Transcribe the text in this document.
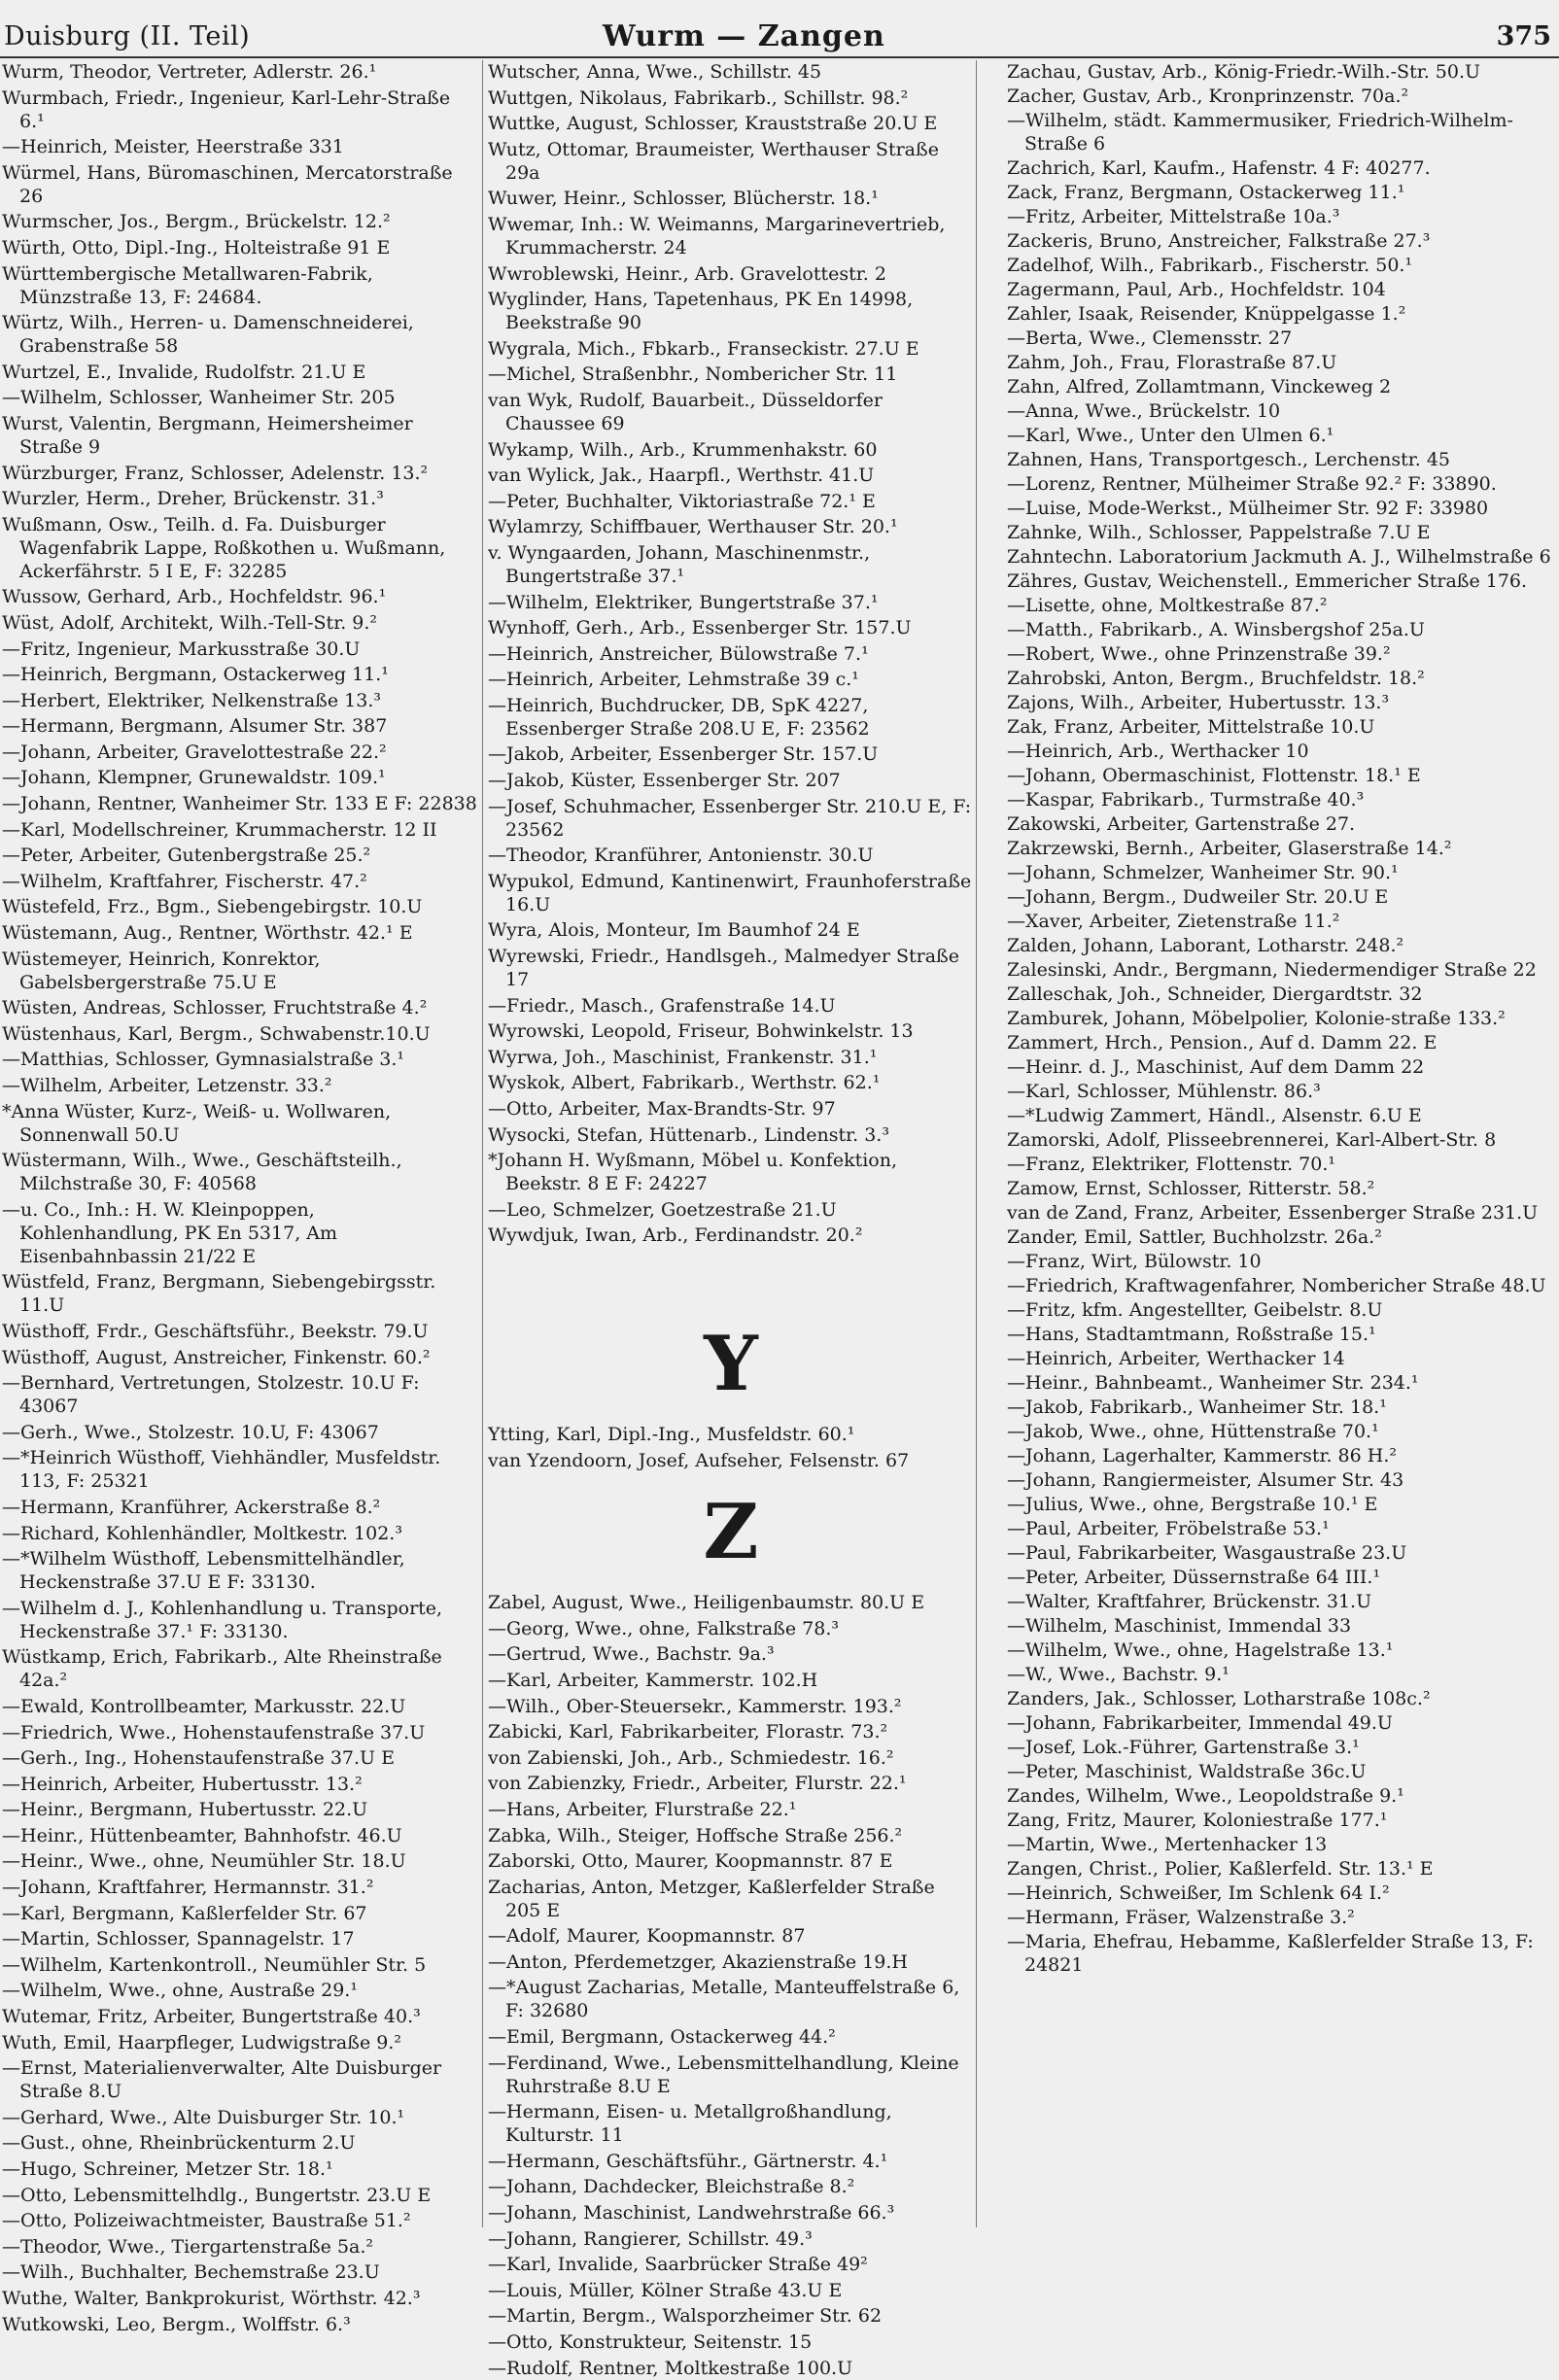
Duisburg (II. Teil)	Wurm — Zangen	375
Wurm, Theodor, Vertreter, Adlerstr. 26.¹
Wurmbach, Friedr., Ingenieur, Karl-Lehr-Straße 6.¹
—Heinrich, Meister, Heerstraße 331
Würmel, Hans, Büromaschinen, Mercatorstraße 26
Wurmscher, Jos., Bergm., Brückelstr. 12.²
Würth, Otto, Dipl.-Ing., Holteistraße 91 E
Württembergische Metallwaren-Fabrik, Münzstraße 13, F: 24684.
Würtz, Wilh., Herren- u. Damenschneiderei, Grabenstraße 58
Wurtzel, E., Invalide, Rudolfstr. 21.U E
—Wilhelm, Schlosser, Wanheimer Str. 205
Wurst, Valentin, Bergmann, Heimersheimer Straße 9
Würzburger, Franz, Schlosser, Adelenstr. 13.²
Wurzler, Herm., Dreher, Brückenstr. 31.³
Wußmann, Osw., Teilh. d. Fa. Duisburger Wagenfabrik Lappe, Roßkothen u. Wußmann, Ackerfährstr. 5 I E, F: 32285
Wussow, Gerhard, Arb., Hochfeldstr. 96.¹
Wüst, Adolf, Architekt, Wilh.-Tell-Str. 9.²
—Fritz, Ingenieur, Markusstraße 30.U
—Heinrich, Bergmann, Ostackerweg 11.¹
—Herbert, Elektriker, Nelkenstraße 13.³
—Hermann, Bergmann, Alsumer Str. 387
—Johann, Arbeiter, Gravelottestraße 22.²
—Johann, Klempner, Grunewaldstr. 109.¹
—Johann, Rentner, Wanheimer Str. 133 E F: 22838
—Karl, Modellschreiner, Krummacherstr. 12 II
—Peter, Arbeiter, Gutenbergstraße 25.²
—Wilhelm, Kraftfahrer, Fischerstr. 47.²
Wüstefeld, Frz., Bgm., Siebengebirgstr. 10.U
Wüstemann, Aug., Rentner, Wörthstr. 42.¹ E
Wüstemeyer, Heinrich, Konrektor, Gabelsbergerstraße 75.U E
Wüsten, Andreas, Schlosser, Fruchtstraße 4.²
Wüstenhaus, Karl, Bergm., Schwabenstr.10.U
—Matthias, Schlosser, Gymnasialstraße 3.¹
—Wilhelm, Arbeiter, Letzenstr. 33.²
*Anna Wüster, Kurz-, Weiß- u. Wollwaren, Sonnenwall 50.U
Wüstermann, Wilh., Wwe., Geschäftsteilh., Milchstraße 30, F: 40568
—u. Co., Inh.: H. W. Kleinpoppen, Kohlenhandlung, PK En 5317, Am Eisenbahnbassin 21/22 E
Wüstfeld, Franz, Bergmann, Siebengebirgsstr. 11.U
Wüsthoff, Frdr., Geschäftsführ., Beekstr. 79.U
Wüsthoff, August, Anstreicher, Finkenstr. 60.²
—Bernhard, Vertretungen, Stolzestr. 10.U F: 43067
—Gerh., Wwe., Stolzestr. 10.U, F: 43067
—*Heinrich Wüsthoff, Viehhändler, Musfeldstr. 113, F: 25321
—Hermann, Kranführer, Ackerstraße 8.²
—Richard, Kohlenhändler, Moltkestr. 102.³
—*Wilhelm Wüsthoff, Lebensmittelhändler, Heckenstraße 37.U E F: 33130.
—Wilhelm d. J., Kohlenhandlung u. Transporte, Heckenstraße 37.¹ F: 33130.
Wüstkamp, Erich, Fabrikarb., Alte Rheinstraße 42a.²
—Ewald, Kontrollbeamter, Markusstr. 22.U
—Friedrich, Wwe., Hohenstaufenstraße 37.U
—Gerh., Ing., Hohenstaufenstraße 37.U E
—Heinrich, Arbeiter, Hubertusstr. 13.²
—Heinr., Bergmann, Hubertusstr. 22.U
—Heinr., Hüttenbeamter, Bahnhofstr. 46.U
—Heinr., Wwe., ohne, Neumühler Str. 18.U
—Johann, Kraftfahrer, Hermannstr. 31.²
—Karl, Bergmann, Kaßlerfelder Str. 67
—Martin, Schlosser, Spannagelstr. 17
—Wilhelm, Kartenkontroll., Neumühler Str. 5
—Wilhelm, Wwe., ohne, Austraße 29.¹
Wutemar, Fritz, Arbeiter, Bungertstraße 40.³
Wuth, Emil, Haarpfleger, Ludwigstraße 9.²
—Ernst, Materialienverwalter, Alte Duisburger Straße 8.U
—Gerhard, Wwe., Alte Duisburger Str. 10.¹
—Gust., ohne, Rheinbrückenturm 2.U
—Hugo, Schreiner, Metzer Str. 18.¹
—Otto, Lebensmittelhdlg., Bungertstr. 23.U E
—Otto, Polizeiwachtmeister, Baustraße 51.²
—Theodor, Wwe., Tiergartenstraße 5a.²
—Wilh., Buchhalter, Bechemstraße 23.U
Wuthe, Walter, Bankprokurist, Wörthstr. 42.³
Wutkowski, Leo, Bergm., Wolffstr. 6.³
Wutscher, Anna, Wwe., Schillstr. 45
Wuttgen, Nikolaus, Fabrikarb., Schillstr. 98.²
Wuttke, August, Schlosser, Krauststraße 20.U E
Wutz, Ottomar, Braumeister, Werthauser Straße 29a
Wuwer, Heinr., Schlosser, Blücherstr. 18.¹
Wwemar, Inh.: W. Weimanns, Margarinevertrieb, Krummacherstr. 24
Wwroblewski, Heinr., Arb. Gravelottestr. 2
Wyglinder, Hans, Tapetenhaus, PK En 14998, Beekstraße 90
Wygrala, Mich., Fbkarb., Franseckistr. 27.U E
—Michel, Straßenbhr., Nombericher Str. 11
van Wyk, Rudolf, Bauarbeit., Düsseldorfer Chaussee 69
Wykamp, Wilh., Arb., Krummenhakstr. 60
van Wylick, Jak., Haarpfl., Werthstr. 41.U
—Peter, Buchhalter, Viktoriastraße 72.¹ E
Wylamrzy, Schiffbauer, Werthauser Str. 20.¹
v. Wyngaarden, Johann, Maschinenmstr., Bungertstraße 37.¹
—Wilhelm, Elektriker, Bungertstraße 37.¹
Wynhoff, Gerh., Arb., Essenberger Str. 157.U
—Heinrich, Anstreicher, Bülowstraße 7.¹
—Heinrich, Arbeiter, Lehmstraße 39 c.¹
—Heinrich, Buchdrucker, DB, SpK 4227, Essenberger Straße 208.U E, F: 23562
—Jakob, Arbeiter, Essenberger Str. 157.U
—Jakob, Küster, Essenberger Str. 207
—Josef, Schuhmacher, Essenberger Str. 210.U E, F: 23562
—Theodor, Kranführer, Antonienstr. 30.U
Wypukol, Edmund, Kantinenwirt, Fraunhoferstraße 16.U
Wyra, Alois, Monteur, Im Baumhof 24 E
Wyrewski, Friedr., Handlsgeh., Malmedyer Straße 17
—Friedr., Masch., Grafenstraße 14.U
Wyrowski, Leopold, Friseur, Bohwinkelstr. 13
Wyrwa, Joh., Maschinist, Frankenstr. 31.¹
Wyskok, Albert, Fabrikarb., Werthstr. 62.¹
—Otto, Arbeiter, Max-Brandts-Str. 97
Wysocki, Stefan, Hüttenarb., Lindenstr. 3.³
*Johann H. Wyßmann, Möbel u. Konfektion, Beekstr. 8 E F: 24227
—Leo, Schmelzer, Goetzestraße 21.U
Wywdjuk, Iwan, Arb., Ferdinandstr. 20.²
Y
Ytting, Karl, Dipl.-Ing., Musfeldstr. 60.¹
van Yzendoorn, Josef, Aufseher, Felsenstr. 67
Z
Zabel, August, Wwe., Heiligenbaumstr. 80.U E
—Georg, Wwe., ohne, Falkstraße 78.³
—Gertrud, Wwe., Bachstr. 9a.³
—Karl, Arbeiter, Kammerstr. 102.H
—Wilh., Ober-Steuersekr., Kammerstr. 193.²
Zabicki, Karl, Fabrikarbeiter, Florastr. 73.²
von Zabienski, Joh., Arb., Schmiedestr. 16.²
von Zabienzky, Friedr., Arbeiter, Flurstr. 22.¹
—Hans, Arbeiter, Flurstraße 22.¹
Zabka, Wilh., Steiger, Hoffsche Straße 256.²
Zaborski, Otto, Maurer, Koopmannstr. 87 E
Zacharias, Anton, Metzger, Kaßlerfelder Straße 205 E
—Adolf, Maurer, Koopmannstr. 87
—Anton, Pferdemetzger, Akazienstraße 19.H
—*August Zacharias, Metalle, Manteuffelstraße 6, F: 32680
—Emil, Bergmann, Ostackerweg 44.²
—Ferdinand, Wwe., Lebensmittelhandlung, Kleine Ruhrstraße 8.U E
—Hermann, Eisen- u. Metallgroßhandlung, Kulturstr. 11
—Hermann, Geschäftsführ., Gärtnerstr. 4.¹
—Johann, Dachdecker, Bleichstraße 8.²
—Johann, Maschinist, Landwehrstraße 66.³
—Johann, Rangierer, Schillstr. 49.³
—Karl, Invalide, Saarbrücker Straße 49²
—Louis, Müller, Kölner Straße 43.U E
—Martin, Bergm., Walsporzheimer Str. 62
—Otto, Konstrukteur, Seitenstr. 15
—Rudolf, Rentner, Moltkestraße 100.U
Zachau, Gustav, Arb., König-Friedr.-Wilh.-Str. 50.U
Zacher, Gustav, Arb., Kronprinzenstr. 70a.²
—Wilhelm, städt. Kammermusiker, Friedrich-Wilhelm-Straße 6
Zachrich, Karl, Kaufm., Hafenstr. 4 F: 40277.
Zack, Franz, Bergmann, Ostackerweg 11.¹
—Fritz, Arbeiter, Mittelstraße 10a.³
Zackeris, Bruno, Anstreicher, Falkstraße 27.³
Zadelhof, Wilh., Fabrikarb., Fischerstr. 50.¹
Zagermann, Paul, Arb., Hochfeldstr. 104
Zahler, Isaak, Reisender, Knüppelgasse 1.²
—Berta, Wwe., Clemensstr. 27
Zahm, Joh., Frau, Florastraße 87.U
Zahn, Alfred, Zollamtmann, Vinckeweg 2
—Anna, Wwe., Brückelstr. 10
—Karl, Wwe., Unter den Ulmen 6.¹
Zahnen, Hans, Transportgesch., Lerchenstr. 45
—Lorenz, Rentner, Mülheimer Straße 92.² F: 33890.
—Luise, Mode-Werkst., Mülheimer Str. 92 F: 33980
Zahnke, Wilh., Schlosser, Pappelstraße 7.U E
Zahntechn. Laboratorium Jackmuth A. J., Wilhelmstraße 6
Zähres, Gustav, Weichenstell., Emmericher Straße 176.
—Lisette, ohne, Moltkestraße 87.²
—Matth., Fabrikarb., A. Winsbergshof 25a.U
—Robert, Wwe., ohne Prinzenstraße 39.²
Zahrobski, Anton, Bergm., Bruchfeldstr. 18.²
Zajons, Wilh., Arbeiter, Hubertusstr. 13.³
Zak, Franz, Arbeiter, Mittelstraße 10.U
—Heinrich, Arb., Werthacker 10
—Johann, Obermaschinist, Flottenstr. 18.¹ E
—Kaspar, Fabrikarb., Turmstraße 40.³
Zakowski, Arbeiter, Gartenstraße 27.
Zakrzewski, Bernh., Arbeiter, Glaserstraße 14.²
—Johann, Schmelzer, Wanheimer Str. 90.¹
—Johann, Bergm., Dudweiler Str. 20.U E
—Xaver, Arbeiter, Zietenstraße 11.²
Zalden, Johann, Laborant, Lotharstr. 248.²
Zalesinski, Andr., Bergmann, Niedermendiger Straße 22
Zalleschak, Joh., Schneider, Diergardtstr. 32
Zamburek, Johann, Möbelpolier, Kolonie-straße 133.²
Zammert, Hrch., Pension., Auf d. Damm 22. E
—Heinr. d. J., Maschinist, Auf dem Damm 22
—Karl, Schlosser, Mühlenstr. 86.³
—*Ludwig Zammert, Händl., Alsenstr. 6.U E
Zamorski, Adolf, Plisseebrennerei, Karl-Albert-Str. 8
—Franz, Elektriker, Flottenstr. 70.¹
Zamow, Ernst, Schlosser, Ritterstr. 58.²
van de Zand, Franz, Arbeiter, Essenberger Straße 231.U
Zander, Emil, Sattler, Buchholzstr. 26a.²
—Franz, Wirt, Bülowstr. 10
—Friedrich, Kraftwagenfahrer, Nombericher Straße 48.U
—Fritz, kfm. Angestellter, Geibelstr. 8.U
—Hans, Stadtamtmann, Roßstraße 15.¹
—Heinrich, Arbeiter, Werthacker 14
—Heinr., Bahnbeamt., Wanheimer Str. 234.¹
—Jakob, Fabrikarb., Wanheimer Str. 18.¹
—Jakob, Wwe., ohne, Hüttenstraße 70.¹
—Johann, Lagerhalter, Kammerstr. 86 H.²
—Johann, Rangiermeister, Alsumer Str. 43
—Julius, Wwe., ohne, Bergstraße 10.¹ E
—Paul, Arbeiter, Fröbelstraße 53.¹
—Paul, Fabrikarbeiter, Wasgaustraße 23.U
—Peter, Arbeiter, Düssernstraße 64 III.¹
—Walter, Kraftfahrer, Brückenstr. 31.U
—Wilhelm, Maschinist, Immendal 33
—Wilhelm, Wwe., ohne, Hagelstraße 13.¹
—W., Wwe., Bachstr. 9.¹
Zanders, Jak., Schlosser, Lotharstraße 108c.²
—Johann, Fabrikarbeiter, Immendal 49.U
—Josef, Lok.-Führer, Gartenstraße 3.¹
—Peter, Maschinist, Waldstraße 36c.U
Zandes, Wilhelm, Wwe., Leopoldstraße 9.¹
Zang, Fritz, Maurer, Koloniestraße 177.¹
—Martin, Wwe., Mertenhacker 13
Zangen, Christ., Polier, Kaßlerfeld. Str. 13.¹ E
—Heinrich, Schweißer, Im Schlenk 64 I.²
—Hermann, Fräser, Walzenstraße 3.²
—Maria, Ehefrau, Hebamme, Kaßlerfelder Straße 13, F: 24821
